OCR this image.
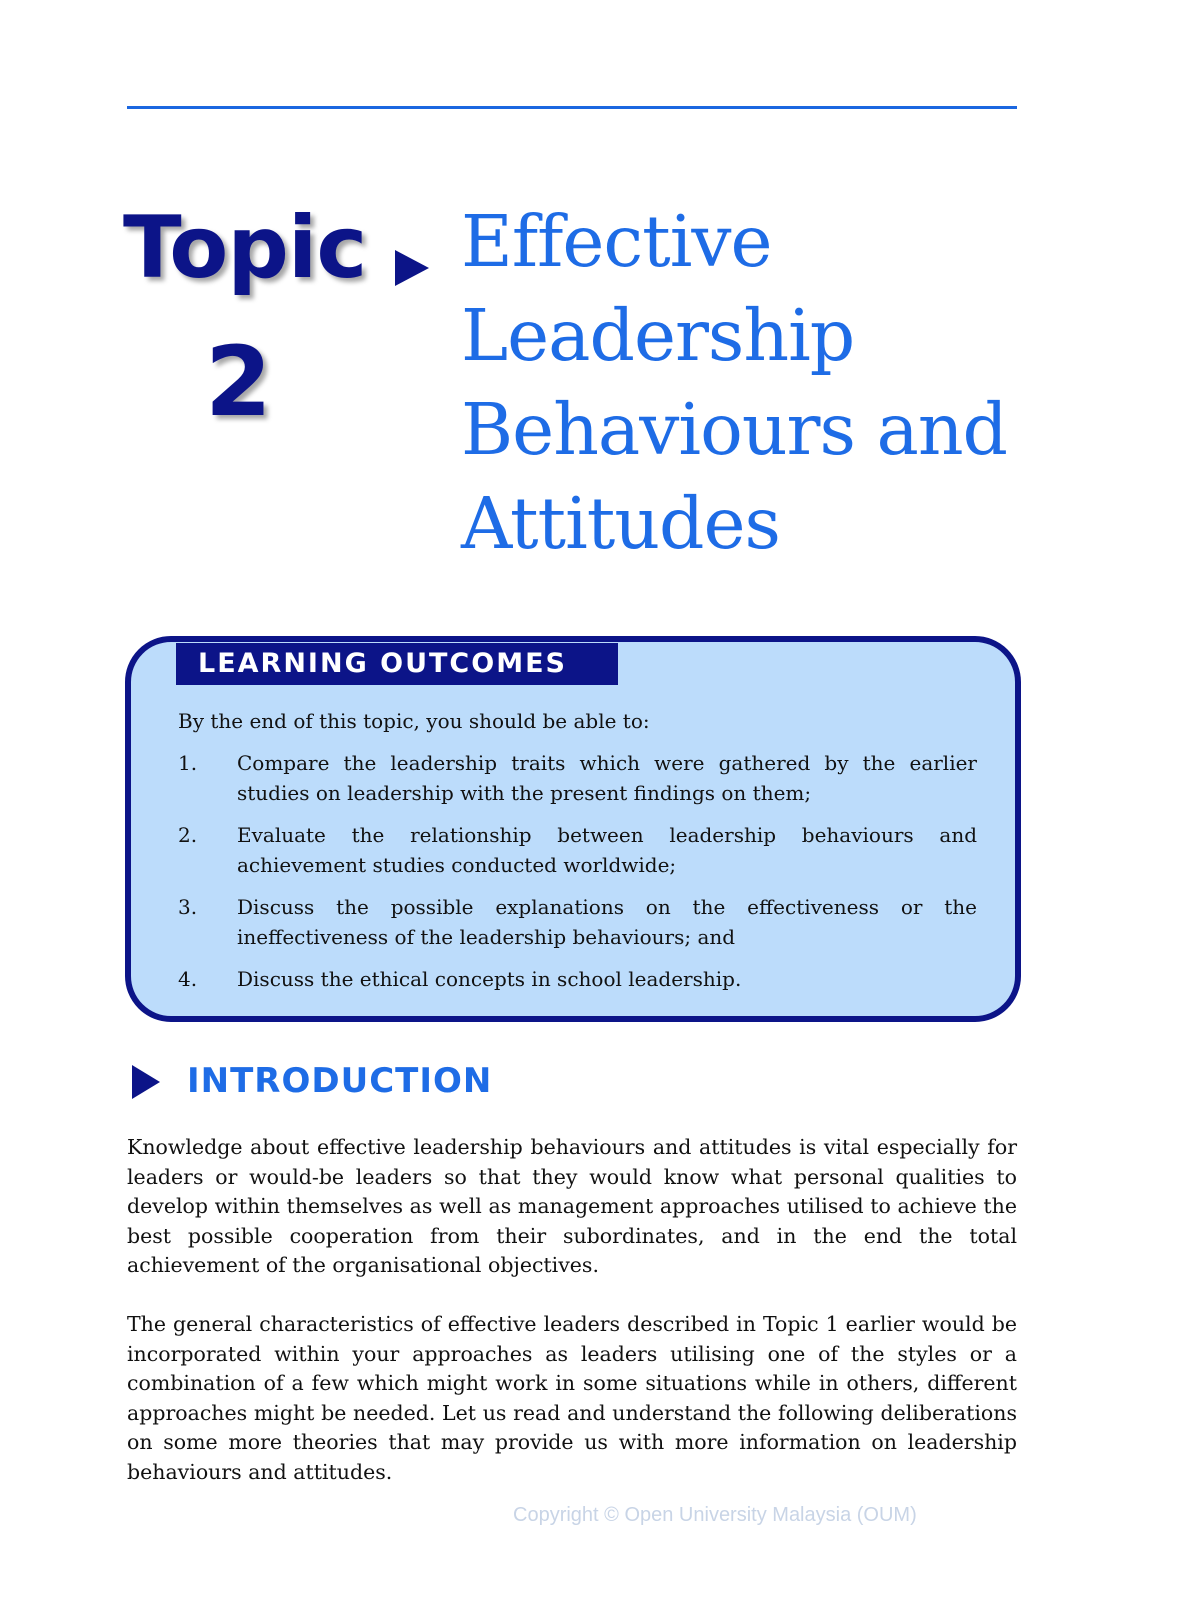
Topic
2
Effective Leadership Behaviours and Attitudes
LEARNING OUTCOMES
By the end of this topic, you should be able to:
1.	Compare the leadership traits which were gathered by the earlier studies on leadership with the present findings on them;
2.	Evaluate the relationship between leadership behaviours and achievement studies conducted worldwide;
3.	Discuss the possible explanations on the effectiveness or the ineffectiveness of the leadership behaviours; and
4.	Discuss the ethical concepts in school leadership.
INTRODUCTION

Knowledge about effective leadership behaviours and attitudes is vital especially for leaders or would-be leaders so that they would know what personal qualities to develop within themselves as well as management approaches utilised to achieve the best possible cooperation from their subordinates, and in the end the total achievement of the organisational objectives.

The general characteristics of effective leaders described in Topic 1 earlier would be incorporated within your approaches as leaders utilising one of the styles or a combination of a few which might work in some situations while in others, different approaches might be needed. Let us read and understand the following deliberations on some more theories that may provide us with more information on leadership behaviours and attitudes.

Copyright © Open University Malaysia (OUM)
